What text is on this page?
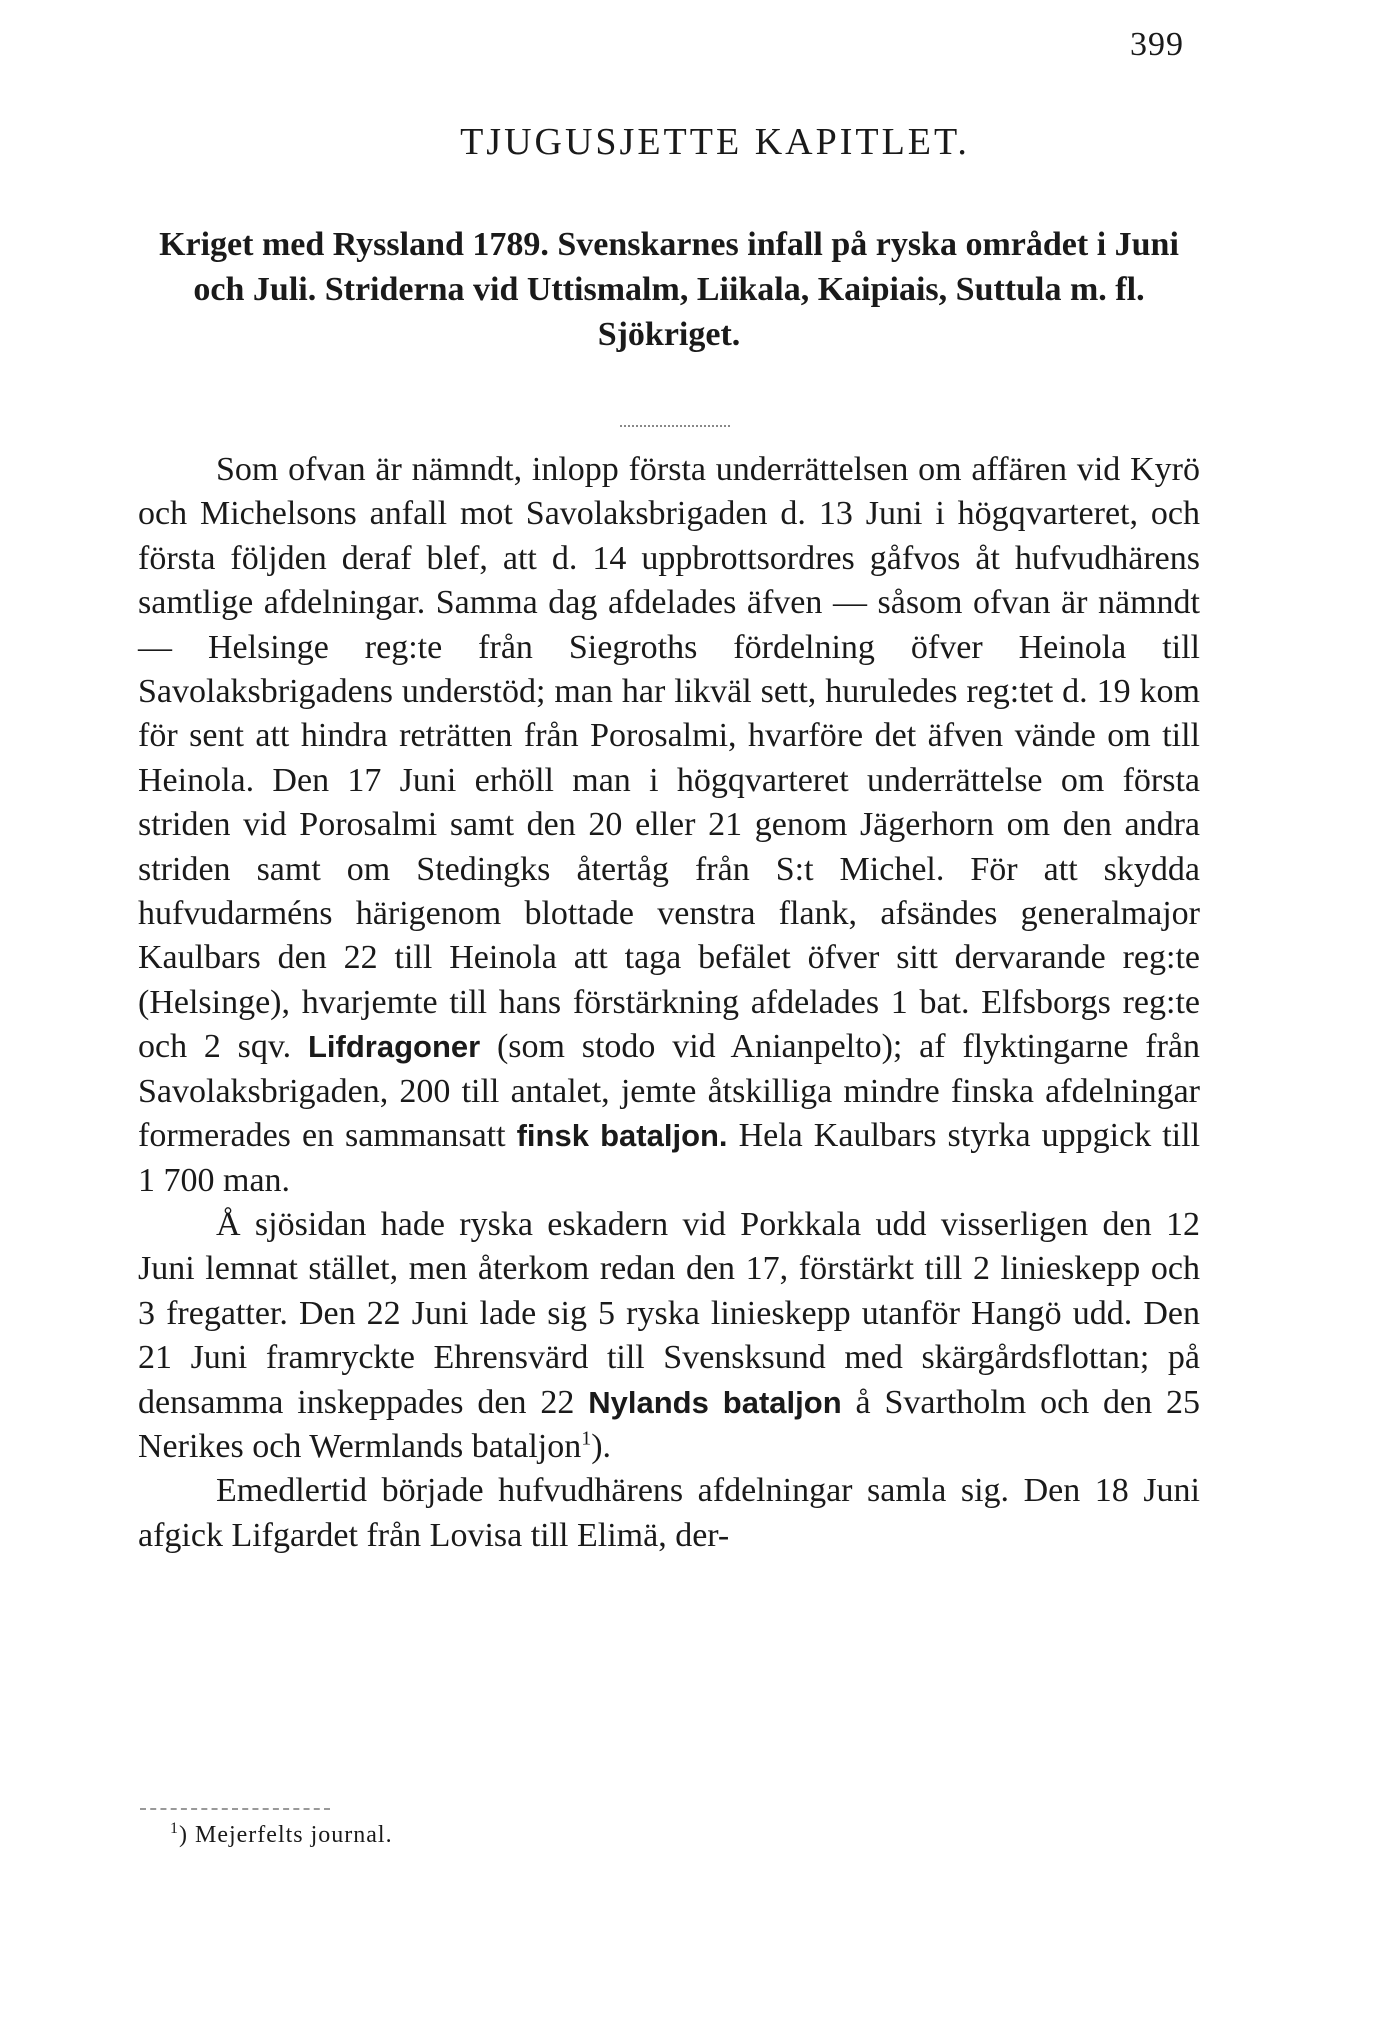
399
TJUGUSJETTE KAPITLET.
Kriget med Ryssland 1789. Svenskarnes infall på ryska området i Juni och Juli. Striderna vid Uttismalm, Liikala, Kaipiais, Suttula m. fl. Sjökriget.

Som ofvan är nämndt, inlopp första underrättelsen om affären vid Kyrö och Michelsons anfall mot Savolaksbrigaden d. 13 Juni i högqvarteret, och första följden deraf blef, att d. 14 uppbrottsordres gåfvos åt hufvudhärens samtlige afdelningar. Samma dag afdelades äfven — såsom ofvan är nämndt — Helsinge reg:te från Siegroths fördelning öfver Heinola till Savolaksbrigadens understöd; man har likväl sett, huruledes reg:tet d. 19 kom för sent att hindra reträtten från Porosalmi, hvarföre det äfven vände om till Heinola. Den 17 Juni erhöll man i högqvarteret underrättelse om första striden vid Porosalmi samt den 20 eller 21 genom Jägerhorn om den andra striden samt om Stedingks återtåg från S:t Michel. För att skydda hufvudarméns härigenom blottade venstra flank, afsändes generalmajor Kaulbars den 22 till Heinola att taga befälet öfver sitt dervarande reg:te (Helsinge), hvarjemte till hans förstärkning afdelades 1 bat. Elfsborgs reg:te och 2 sqv. Lifdragoner (som stodo vid Anianpelto); af flyktingarne från Savolaksbrigaden, 200 till antalet, jemte åtskilliga mindre finska afdelningar formerades en sammansatt finsk bataljon. Hela Kaulbars styrka uppgick till 1 700 man.

Å sjösidan hade ryska eskadern vid Porkkala udd visserligen den 12 Juni lemnat stället, men återkom redan den 17, förstärkt till 2 linieskepp och 3 fregatter. Den 22 Juni lade sig 5 ryska linieskepp utanför Hangö udd. Den 21 Juni framryckte Ehrensvärd till Svensksund med skärgårdsflottan; på densamma inskeppades den 22 Nylands bataljon å Svartholm och den 25 Nerikes och Wermlands bataljon$^1$).

Emedlertid började hufvudhärens afdelningar samla sig. Den 18 Juni afgick Lifgardet från Lovisa till Elimä, der-

$^1$) Mejerfelts journal.
